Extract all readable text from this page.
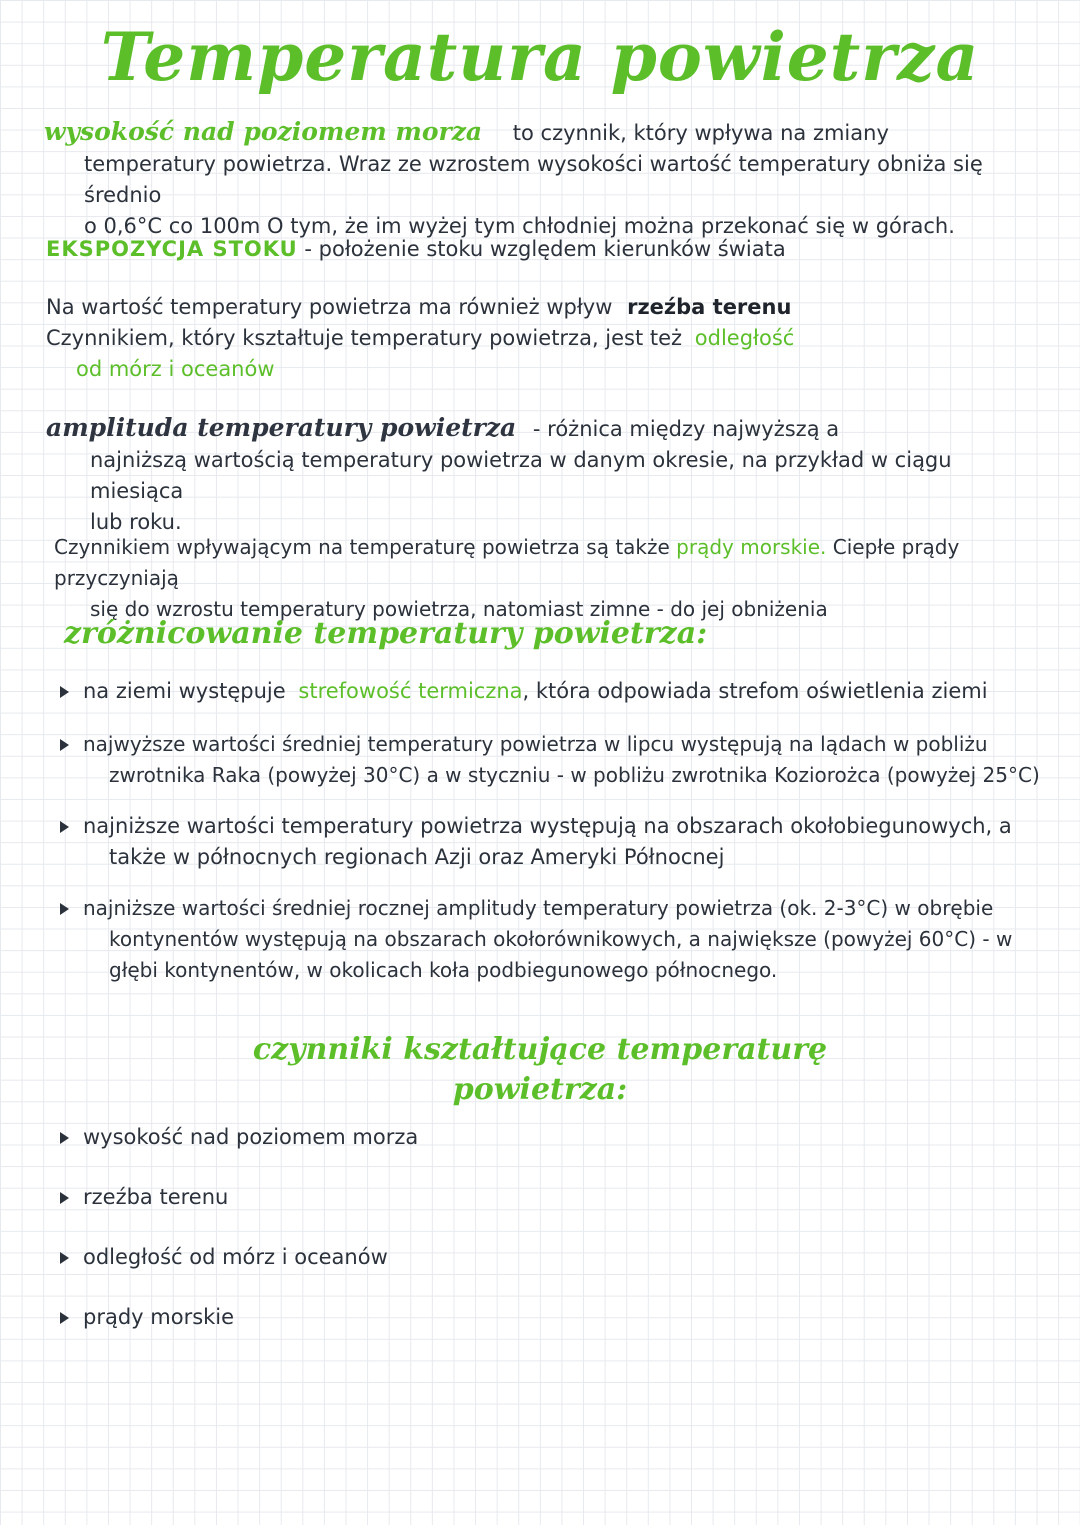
Temperatura powietrza
wysokość nad poziomem morza to czynnik, który wpływa na zmiany
temperatury powietrza. Wraz ze wzrostem wysokości wartość temperatury obniża się średnio
o 0,6°C co 100m O tym, że im wyżej tym chłodniej można przekonać się w górach.
EKSPOZYCJA STOKU - położenie stoku względem kierunków świata
Na wartość temperatury powietrza ma również wpływ rzeźba terenu
Czynnikiem, który kształtuje temperatury powietrza, jest też odległość
od mórz i oceanów
amplituda temperatury powietrza - różnica między najwyższą a
najniższą wartością temperatury powietrza w danym okresie, na przykład w ciągu miesiąca
lub roku.
Czynnikiem wpływającym na temperaturę powietrza są także prądy morskie. Ciepłe prądy przyczyniają
się do wzrostu temperatury powietrza, natomiast zimne - do jej obniżenia
zróżnicowanie temperatury powietrza:
na ziemi występuje strefowość termiczna, która odpowiada strefom oświetlenia ziemi
najwyższe wartości średniej temperatury powietrza w lipcu występują na lądach w pobliżu
zwrotnika Raka (powyżej 30°C) a w styczniu - w pobliżu zwrotnika Koziorożca (powyżej 25°C)
najniższe wartości temperatury powietrza występują na obszarach okołobiegunowych, a
także w północnych regionach Azji oraz Ameryki Północnej
najniższe wartości średniej rocznej amplitudy temperatury powietrza (ok. 2-3°C) w obrębie
kontynentów występują na obszarach okołorównikowych, a największe (powyżej 60°C) - w
głębi kontynentów, w okolicach koła podbiegunowego północnego.
czynniki kształtujące temperaturę
powietrza:
wysokość nad poziomem morza
rzeźba terenu
odległość od mórz i oceanów
prądy morskie
